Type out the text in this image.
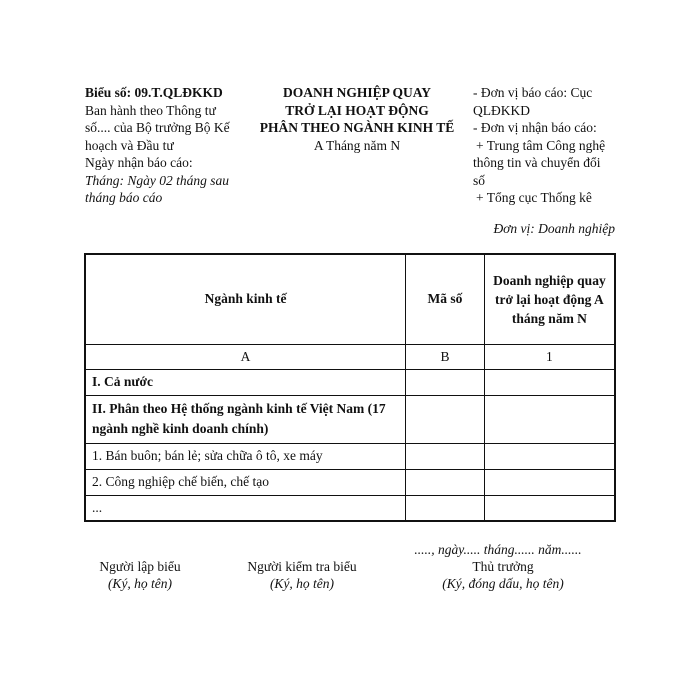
Biểu số: 09.T.QLĐKKD
Ban hành theo Thông tư
số.... của Bộ trưởng Bộ Kế
hoạch và Đầu tư
Ngày nhận báo cáo:
Tháng: Ngày 02 tháng sau
tháng báo cáo
DOANH NGHIỆP QUAY
TRỞ LẠI HOẠT ĐỘNG
PHÂN THEO NGÀNH KINH TẾ
A Tháng năm N
- Đơn vị báo cáo: Cục
QLĐKKD
- Đơn vị nhận báo cáo:
+ Trung tâm Công nghệ
thông tin và chuyển đổi
số
+ Tổng cục Thống kê
Đơn vị: Doanh nghiệp
Ngành kinh tế	Mã số	Doanh nghiệp quay trở lại hoạt động A tháng năm N
A	B	1
I. Cả nước		
II. Phân theo Hệ thống ngành kinh tế Việt Nam (17 ngành nghề kinh doanh chính)		
1. Bán buôn; bán lẻ; sửa chữa ô tô, xe máy		
2. Công nghiệp chế biến, chế tạo		
...		
....., ngày..... tháng...... năm......
Người lập biểu
(Ký, họ tên)
Người kiểm tra biểu
(Ký, họ tên)
Thủ trưởng
(Ký, đóng dấu, họ tên)
